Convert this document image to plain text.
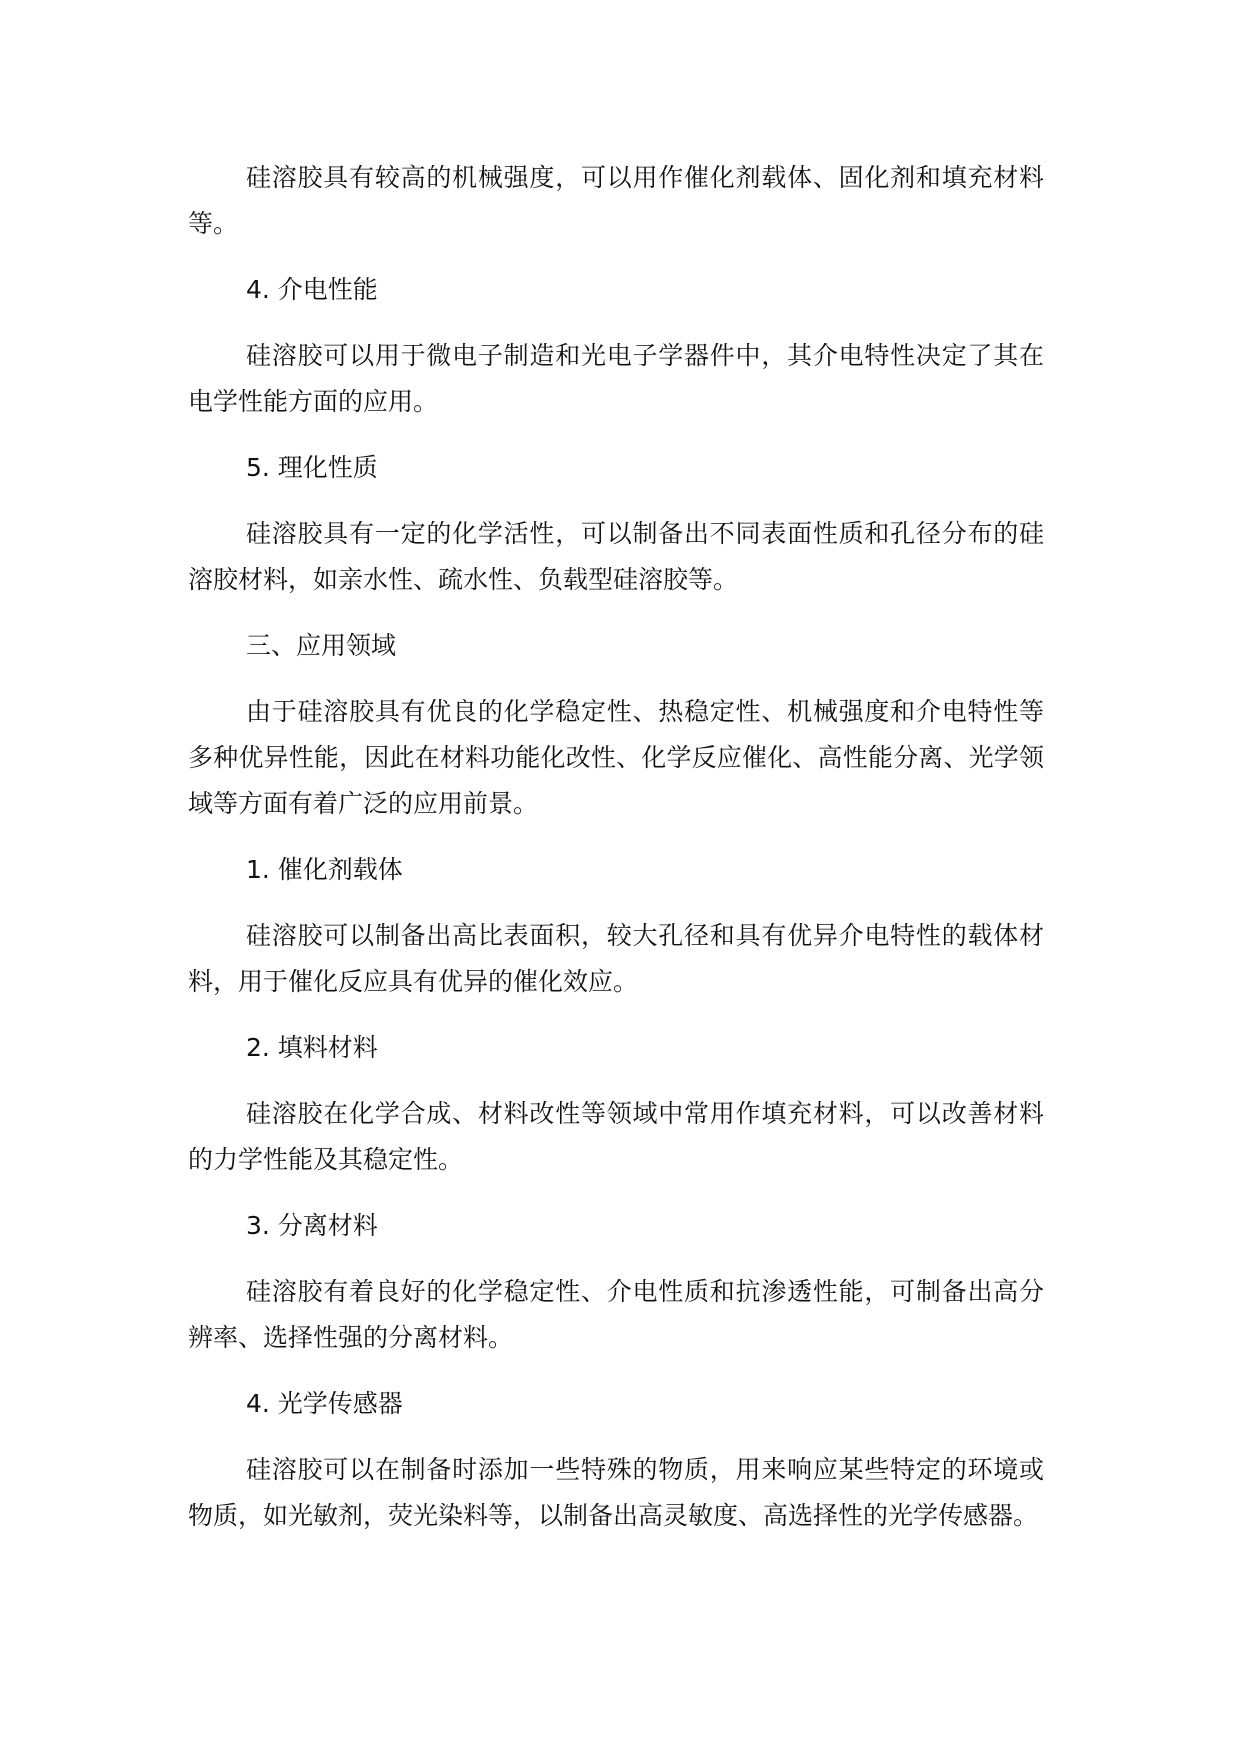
硅溶胶具有较高的机械强度，可以用作催化剂载体、固化剂和填充材料等。

4. 介电性能

硅溶胶可以用于微电子制造和光电子学器件中，其介电特性决定了其在电学性能方面的应用。

5. 理化性质

硅溶胶具有一定的化学活性，可以制备出不同表面性质和孔径分布的硅溶胶材料，如亲水性、疏水性、负载型硅溶胶等。

三、应用领域

由于硅溶胶具有优良的化学稳定性、热稳定性、机械强度和介电特性等多种优异性能，因此在材料功能化改性、化学反应催化、高性能分离、光学领域等方面有着广泛的应用前景。

1. 催化剂载体

硅溶胶可以制备出高比表面积，较大孔径和具有优异介电特性的载体材料，用于催化反应具有优异的催化效应。

2. 填料材料

硅溶胶在化学合成、材料改性等领域中常用作填充材料，可以改善材料的力学性能及其稳定性。

3. 分离材料

硅溶胶有着良好的化学稳定性、介电性质和抗渗透性能，可制备出高分辨率、选择性强的分离材料。

4. 光学传感器

硅溶胶可以在制备时添加一些特殊的物质，用来响应某些特定的环境或物质，如光敏剂，荧光染料等，以制备出高灵敏度、高选择性的光学传感器。
